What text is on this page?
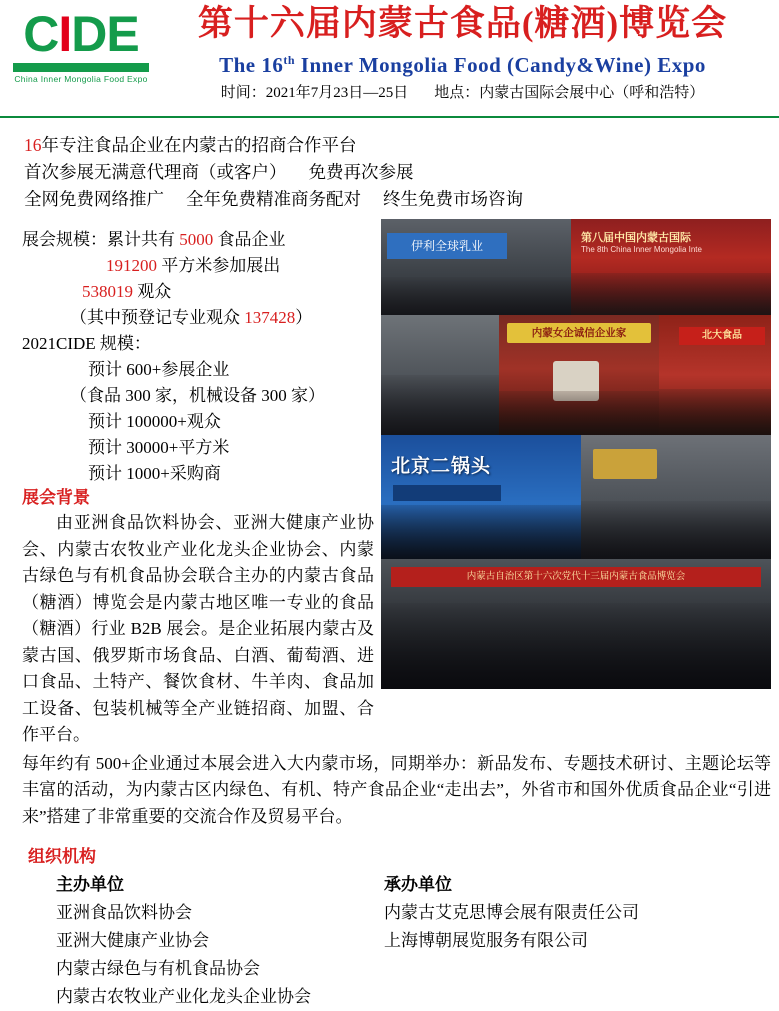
CIDE
China Inner Mongolia Food Expo
第十六届内蒙古食品(糖酒)博览会
The 16th Inner Mongolia Food (Candy&Wine) Expo
时间：2021年7月23日—25日 地点：内蒙古国际会展中心（呼和浩特）
16年专注食品企业在内蒙古的招商合作平台
首次参展无满意代理商（或客户） 免费再次参展
全网免费网络推广 全年免费精准商务配对 终生免费市场咨询
展会规模：累计共有 5000 食品企业
191200 平方米参加展出
538019 观众
（其中预登记专业观众 137428）
2021CIDE 规模：
预计 600+参展企业
（食品 300 家，机械设备 300 家）
预计 100000+观众
预计 30000+平方米
预计 1000+采购商
伊利全球乳业
第八届中国内蒙古国际
The 8th China Inner Mongolia Inte
内蒙女企诚信企业家	北大食品
北京二锅头
内蒙古自治区第十六次党代十三届内蒙古食品博览会
展会背景
由亚洲食品饮料协会、亚洲大健康产业协会、内蒙古农牧业产业化龙头企业协会、内蒙古绿色与有机食品协会联合主办的内蒙古食品（糖酒）博览会是内蒙古地区唯一专业的食品（糖酒）行业 B2B 展会。是企业拓展内蒙古及蒙古国、俄罗斯市场食品、白酒、葡萄酒、进口食品、土特产、餐饮食材、牛羊肉、食品加工设备、包装机械等全产业链招商、加盟、合作平台。
每年约有 500+企业通过本展会进入大内蒙市场，同期举办：新品发布、专题技术研讨、主题论坛等丰富的活动，为内蒙古区内绿色、有机、特产食品企业“走出去”，外省市和国外优质食品企业“引进来”搭建了非常重要的交流合作及贸易平台。
组织机构
主办单位
亚洲食品饮料协会
亚洲大健康产业协会
内蒙古绿色与有机食品协会
内蒙古农牧业产业化龙头企业协会
承办单位
内蒙古艾克思博会展有限责任公司
上海博朝展览服务有限公司
